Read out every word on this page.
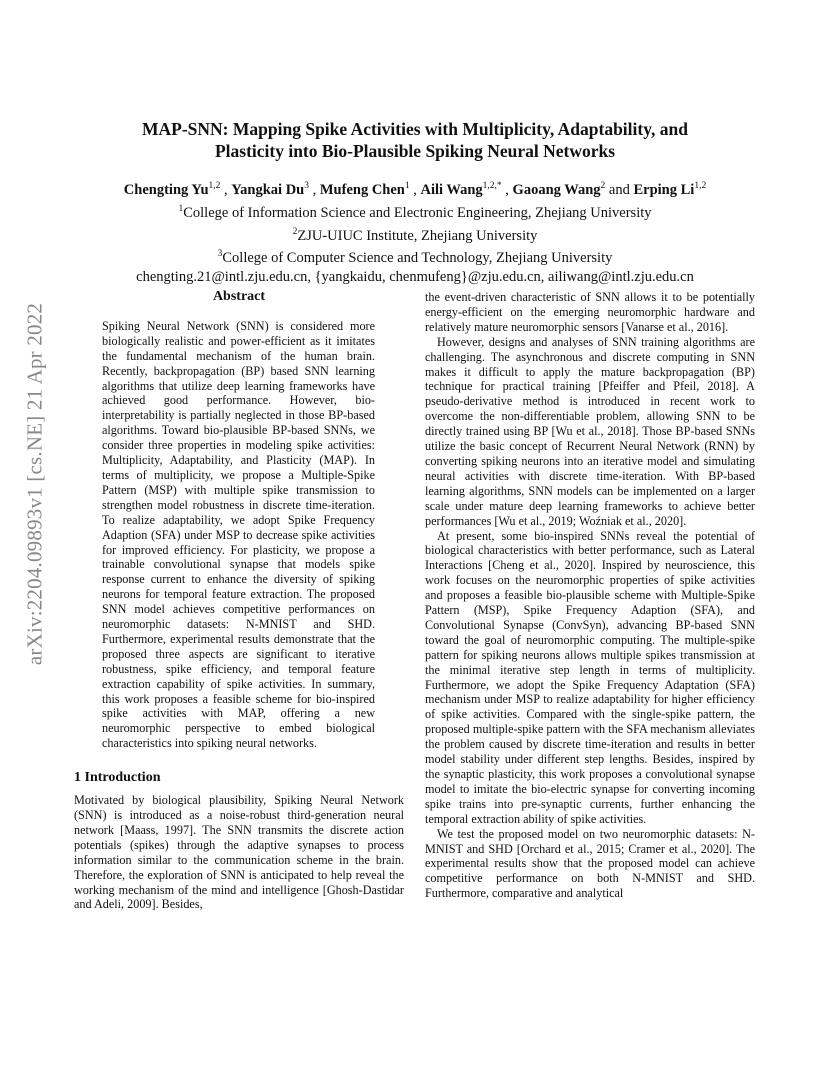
arXiv:2204.09893v1 [cs.NE] 21 Apr 2022
MAP-SNN: Mapping Spike Activities with Multiplicity, Adaptability, and
Plasticity into Bio-Plausible Spiking Neural Networks
Chengting Yu$^{1,2}$ , Yangkai Du$^3$ , Mufeng Chen$^1$ , Aili Wang$^{1,2,*}$ , Gaoang Wang$^2$ and Erping Li$^{1,2}$
$^1$College of Information Science and Electronic Engineering, Zhejiang University
$^2$ZJU-UIUC Institute, Zhejiang University
$^3$College of Computer Science and Technology, Zhejiang University
chengting.21@intl.zju.edu.cn, {yangkaidu, chenmufeng}@zju.edu.cn, ailiwang@intl.zju.edu.cn
Abstract

Spiking Neural Network (SNN) is considered more biologically realistic and power-efficient as it imitates the fundamental mechanism of the human brain. Recently, backpropagation (BP) based SNN learning algorithms that utilize deep learning frameworks have achieved good performance. However, bio-interpretability is partially neglected in those BP-based algorithms. Toward bio-plausible BP-based SNNs, we consider three properties in modeling spike activities: Multiplicity, Adaptability, and Plasticity (MAP). In terms of multiplicity, we propose a Multiple-Spike Pattern (MSP) with multiple spike transmission to strengthen model robustness in discrete time-iteration. To realize adaptability, we adopt Spike Frequency Adaption (SFA) under MSP to decrease spike activities for improved efficiency. For plasticity, we propose a trainable convolutional synapse that models spike response current to enhance the diversity of spiking neurons for temporal feature extraction. The proposed SNN model achieves competitive performances on neuromorphic datasets: N-MNIST and SHD. Furthermore, experimental results demonstrate that the proposed three aspects are significant to iterative robustness, spike efficiency, and temporal feature extraction capability of spike activities. In summary, this work proposes a feasible scheme for bio-inspired spike activities with MAP, offering a new neuromorphic perspective to embed biological characteristics into spiking neural networks.

1 Introduction

Motivated by biological plausibility, Spiking Neural Network (SNN) is introduced as a noise-robust third-generation neural network [Maass, 1997]. The SNN transmits the discrete action potentials (spikes) through the adaptive synapses to process information similar to the communication scheme in the brain. Therefore, the exploration of SNN is anticipated to help reveal the working mechanism of the mind and intelligence [Ghosh-Dastidar and Adeli, 2009]. Besides,

the event-driven characteristic of SNN allows it to be potentially energy-efficient on the emerging neuromorphic hardware and relatively mature neuromorphic sensors [Vanarse et al., 2016].

However, designs and analyses of SNN training algorithms are challenging. The asynchronous and discrete computing in SNN makes it difficult to apply the mature backpropagation (BP) technique for practical training [Pfeiffer and Pfeil, 2018]. A pseudo-derivative method is introduced in recent work to overcome the non-differentiable problem, allowing SNN to be directly trained using BP [Wu et al., 2018]. Those BP-based SNNs utilize the basic concept of Recurrent Neural Network (RNN) by converting spiking neurons into an iterative model and simulating neural activities with discrete time-iteration. With BP-based learning algorithms, SNN models can be implemented on a larger scale under mature deep learning frameworks to achieve better performances [Wu et al., 2019; Woźniak et al., 2020].

At present, some bio-inspired SNNs reveal the potential of biological characteristics with better performance, such as Lateral Interactions [Cheng et al., 2020]. Inspired by neuroscience, this work focuses on the neuromorphic properties of spike activities and proposes a feasible bio-plausible scheme with Multiple-Spike Pattern (MSP), Spike Frequency Adaption (SFA), and Convolutional Synapse (ConvSyn), advancing BP-based SNN toward the goal of neuromorphic computing. The multiple-spike pattern for spiking neurons allows multiple spikes transmission at the minimal iterative step length in terms of multiplicity. Furthermore, we adopt the Spike Frequency Adaptation (SFA) mechanism under MSP to realize adaptability for higher efficiency of spike activities. Compared with the single-spike pattern, the proposed multiple-spike pattern with the SFA mechanism alleviates the problem caused by discrete time-iteration and results in better model stability under different step lengths. Besides, inspired by the synaptic plasticity, this work proposes a convolutional synapse model to imitate the bio-electric synapse for converting incoming spike trains into pre-synaptic currents, further enhancing the temporal extraction ability of spike activities.

We test the proposed model on two neuromorphic datasets: N-MNIST and SHD [Orchard et al., 2015; Cramer et al., 2020]. The experimental results show that the proposed model can achieve competitive performance on both N-MNIST and SHD. Furthermore, comparative and analytical
